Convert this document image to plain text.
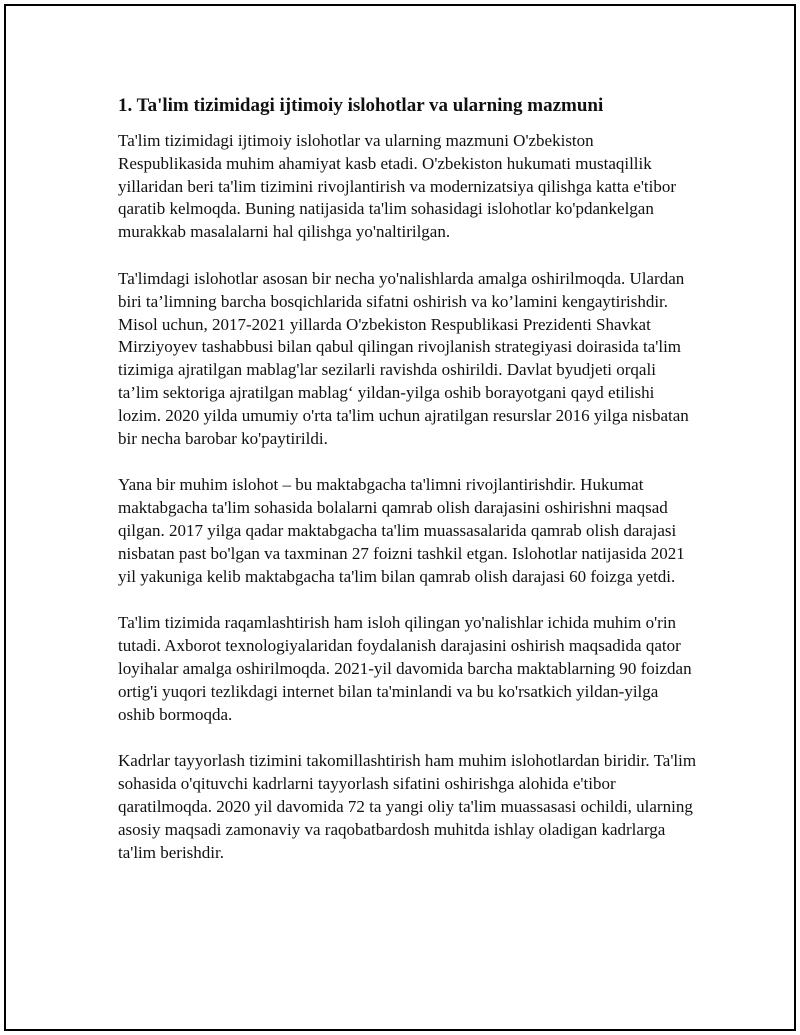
1. Ta'lim tizimidagi ijtimoiy islohotlar va ularning mazmuni

Ta'lim tizimidagi ijtimoiy islohotlar va ularning mazmuni O'zbekiston Respublikasida muhim ahamiyat kasb etadi. O'zbekiston hukumati mustaqillik yillaridan beri ta'lim tizimini rivojlantirish va modernizatsiya qilishga katta e'tibor qaratib kelmoqda. Buning natijasida ta'lim sohasidagi islohotlar ko'pdankelgan murakkab masalalarni hal qilishga yo'naltirilgan.

Ta'limdagi islohotlar asosan bir necha yo'nalishlarda amalga oshirilmoqda. Ulardan biri ta’limning barcha bosqichlarida sifatni oshirish va ko’lamini kengaytirishdir. Misol uchun, 2017-2021 yillarda O'zbekiston Respublikasi Prezidenti Shavkat Mirziyoyev tashabbusi bilan qabul qilingan rivojlanish strategiyasi doirasida ta'lim tizimiga ajratilgan mablag'lar sezilarli ravishda oshirildi. Davlat byudjeti orqali ta’lim sektoriga ajratilgan mablag‘ yildan-yilga oshib borayotgani qayd etilishi lozim. 2020 yilda umumiy o'rta ta'lim uchun ajratilgan resurslar 2016 yilga nisbatan bir necha barobar ko'paytirildi.

Yana bir muhim islohot – bu maktabgacha ta'limni rivojlantirishdir. Hukumat maktabgacha ta'lim sohasida bolalarni qamrab olish darajasini oshirishni maqsad qilgan. 2017 yilga qadar maktabgacha ta'lim muassasalarida qamrab olish darajasi nisbatan past bo'lgan va taxminan 27 foizni tashkil etgan. Islohotlar natijasida 2021 yil yakuniga kelib maktabgacha ta'lim bilan qamrab olish darajasi 60 foizga yetdi.

Ta'lim tizimida raqamlashtirish ham isloh qilingan yo'nalishlar ichida muhim o'rin tutadi. Axborot texnologiyalaridan foydalanish darajasini oshirish maqsadida qator loyihalar amalga oshirilmoqda. 2021-yil davomida barcha maktablarning 90 foizdan ortig'i yuqori tezlikdagi internet bilan ta'minlandi va bu ko'rsatkich yildan-yilga oshib bormoqda.

Kadrlar tayyorlash tizimini takomillashtirish ham muhim islohotlardan biridir. Ta'lim sohasida o'qituvchi kadrlarni tayyorlash sifatini oshirishga alohida e'tibor qaratilmoqda. 2020 yil davomida 72 ta yangi oliy ta'lim muassasasi ochildi, ularning asosiy maqsadi zamonaviy va raqobatbardosh muhitda ishlay oladigan kadrlarga ta'lim berishdir.
